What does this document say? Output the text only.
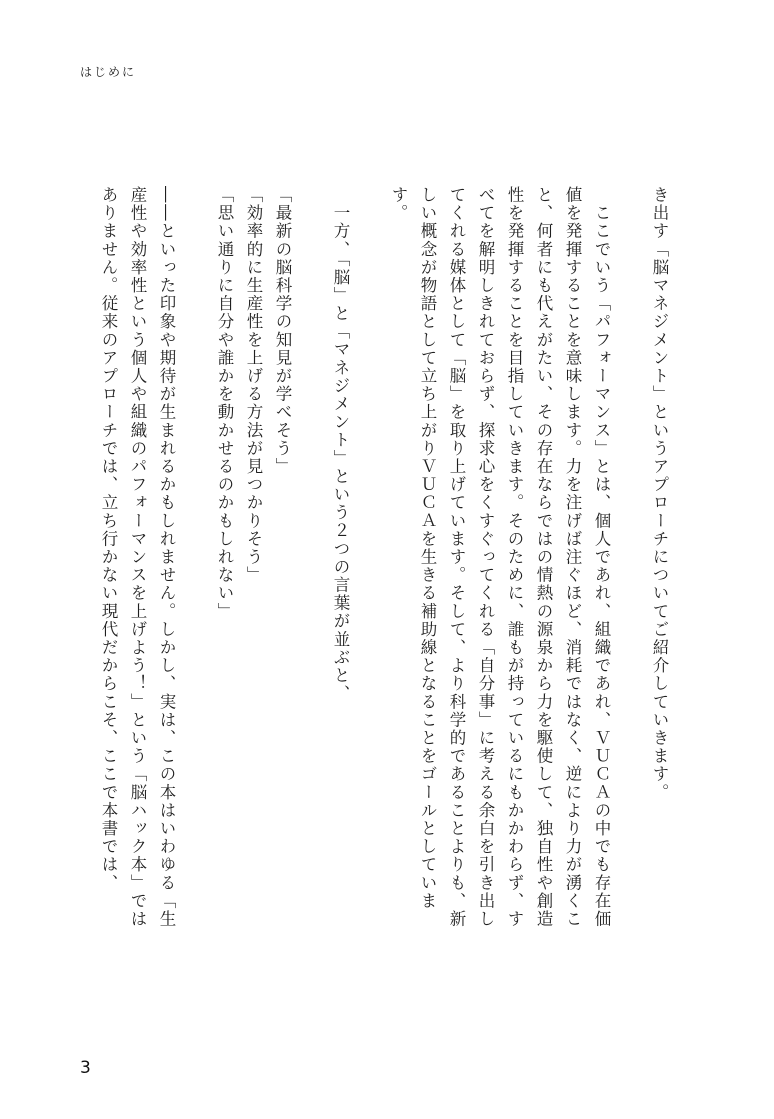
はじめに

き出す「脳マネジメント」というアプローチについてご紹介していきます。

　ここでいう「パフォーマンス」とは、個人であれ、組織であれ、ＶＵＣＡの中でも存在価値を発揮することを意味します。力を注げば注ぐほど、消耗ではなく、逆により力が湧くこと、何者にも代えがたい、その存在ならではの情熱の源泉から力を駆使して、独自性や創造性を発揮することを目指していきます。そのために、誰もが持っているにもかかわらず、すべてを解明しきれておらず、探求心をくすぐってくれる「自分事」に考える余白を引き出してくれる媒体として「脳」を取り上げています。そして、より科学的であることよりも、新しい概念が物語として立ち上がりＶＵＣＡを生きる補助線となることをゴールとしています。

　一方、「脳」と「マネジメント」という２つの言葉が並ぶと、

「最新の脳科学の知見が学べそう」

「効率的に生産性を上げる方法が見つかりそう」

「思い通りに自分や誰かを動かせるのかもしれない」

――といった印象や期待が生まれるかもしれません。しかし、実は、この本はいわゆる「生産性や効率性という個人や組織のパフォーマンスを上げよう！」という「脳ハック本」ではありません。従来のアプローチでは、立ち行かない現代だからこそ、ここで本書では、

3
